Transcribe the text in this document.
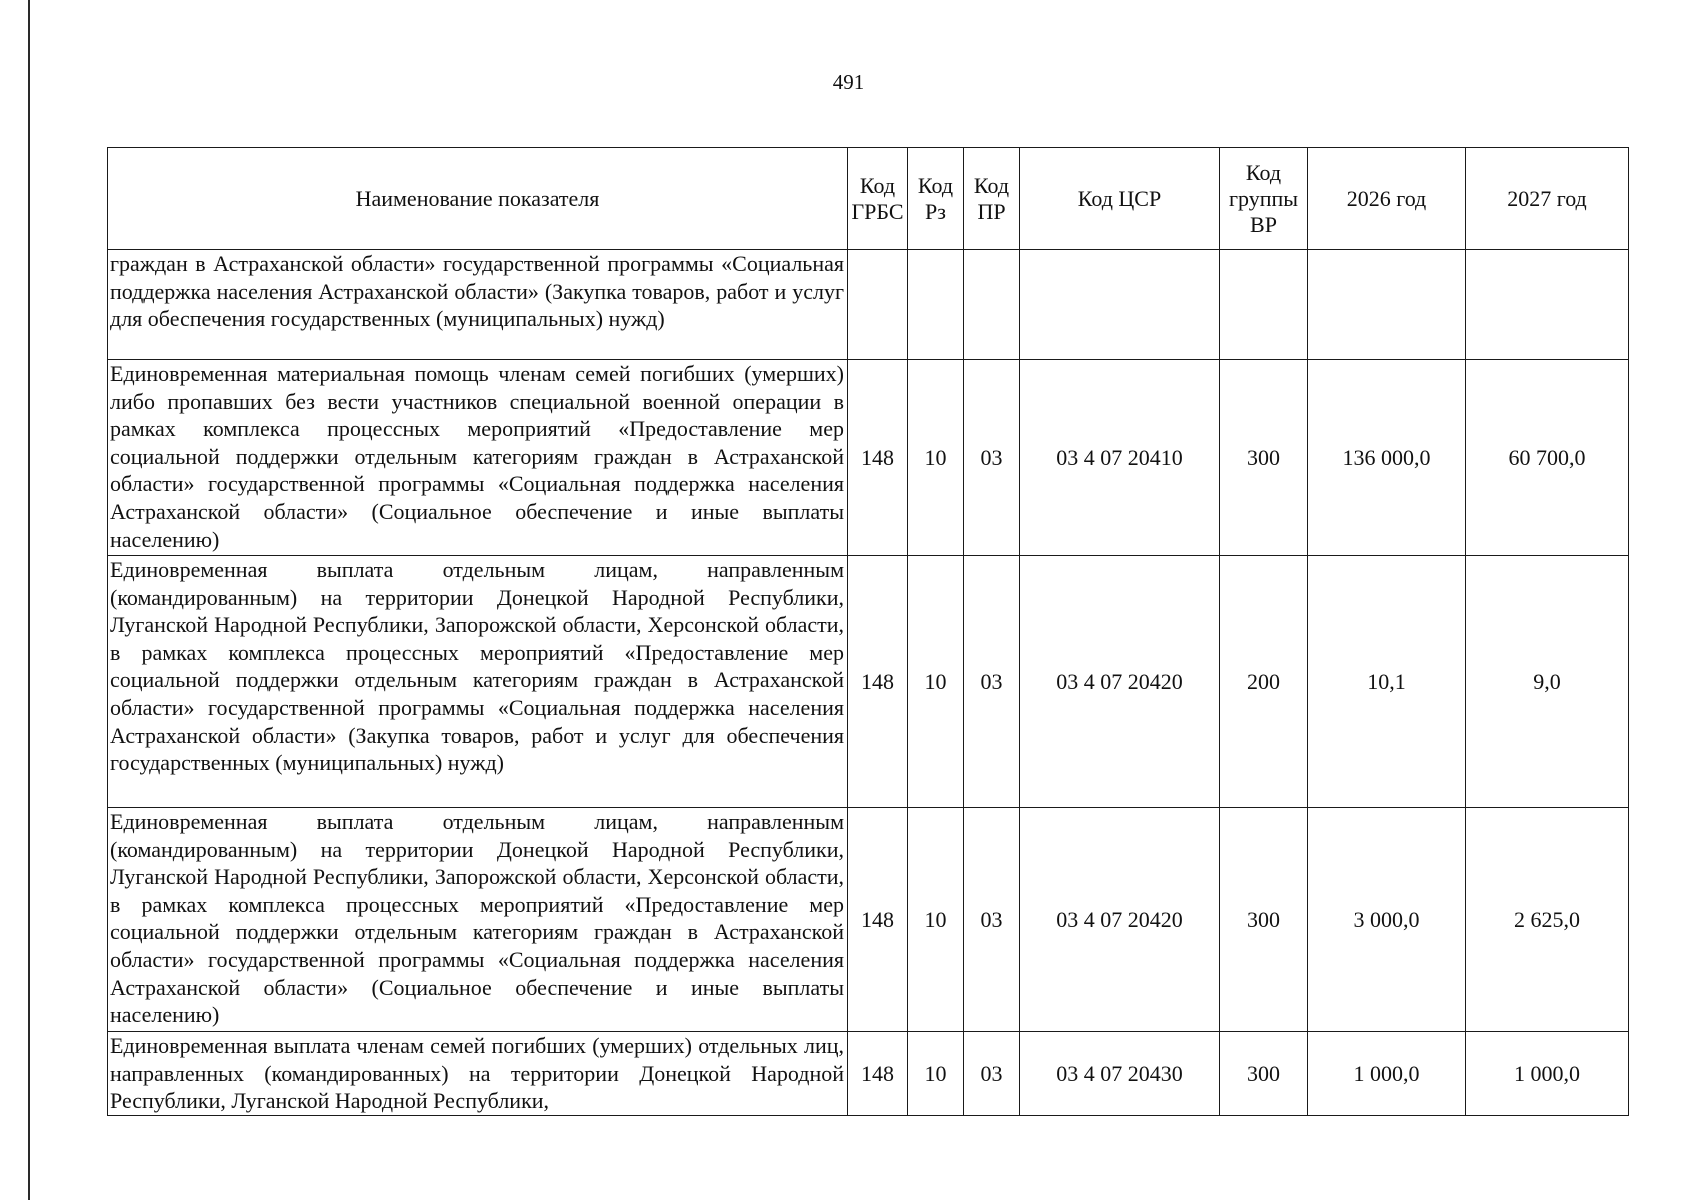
491
Наименование показателя	Код ГРБС	Код Рз	Код ПР	Код ЦСР	Код группы ВР	2026 год	2027 год
граждан в Астраханской области» государственной программы «Социальная поддержка населения Астраханской области» (Закупка товаров, работ и услуг для обеспечения государственных (муниципальных) нужд)							
Единовременная материальная помощь членам семей погибших (умерших) либо пропавших без вести участников специальной военной операции в рамках комплекса процессных мероприятий «Предоставление мер социальной поддержки отдельным категориям граждан в Астраханской области» государственной программы «Социальная поддержка населения Астраханской области» (Социальное обеспечение и иные выплаты населению)	148	10	03	03 4 07 20410	300	136 000,0	60 700,0
Единовременная выплата отдельным лицам, направленным (командированным) на территории Донецкой Народной Республики, Луганской Народной Республики, Запорожской области, Херсонской области, в рамках комплекса процессных мероприятий «Предоставление мер социальной поддержки отдельным категориям граждан в Астраханской области» государственной программы «Социальная поддержка населения Астраханской области» (Закупка товаров, работ и услуг для обеспечения государственных (муниципальных) нужд)	148	10	03	03 4 07 20420	200	10,1	9,0
Единовременная выплата отдельным лицам, направленным (командированным) на территории Донецкой Народной Республики, Луганской Народной Республики, Запорожской области, Херсонской области, в рамках комплекса процессных мероприятий «Предоставление мер социальной поддержки отдельным категориям граждан в Астраханской области» государственной программы «Социальная поддержка населения Астраханской области» (Социальное обеспечение и иные выплаты населению)	148	10	03	03 4 07 20420	300	3 000,0	2 625,0
Единовременная выплата членам семей погибших (умерших) отдельных лиц, направленных (командированных) на территории Донецкой Народной Республики, Луганской Народной Республики,	148	10	03	03 4 07 20430	300	1 000,0	1 000,0
